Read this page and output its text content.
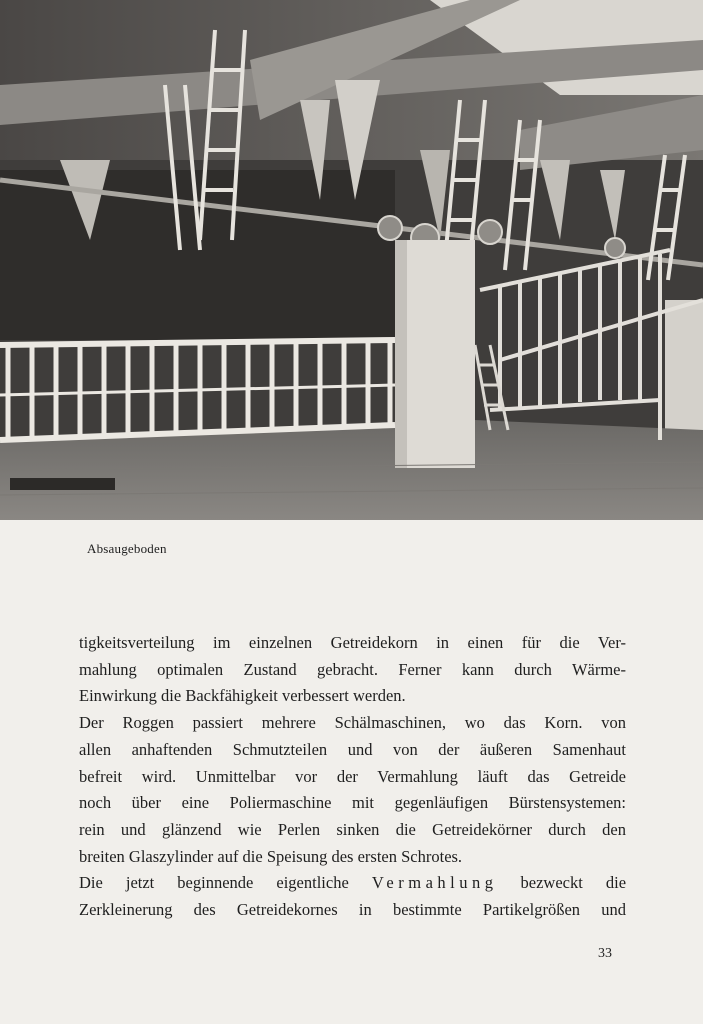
Absaugeboden

tigkeitsverteilung im einzelnen Getreidekorn in einen für die Ver-

mahlung optimalen Zustand gebracht. Ferner kann durch Wärme-

Einwirkung die Backfähigkeit verbessert werden.

Der Roggen passiert mehrere Schälmaschinen, wo das Korn. von

allen anhaftenden Schmutzteilen und von der äußeren Samenhaut

befreit wird. Unmittelbar vor der Vermahlung läuft das Getreide

noch über eine Poliermaschine mit gegenläufigen Bürstensystemen:

rein und glänzend wie Perlen sinken die Getreidekörner durch den

breiten Glaszylinder auf die Speisung des ersten Schrotes.

Die jetzt beginnende eigentliche Vermahlung bezweckt die

Zerkleinerung des Getreidekornes in bestimmte Partikelgrößen und

33
